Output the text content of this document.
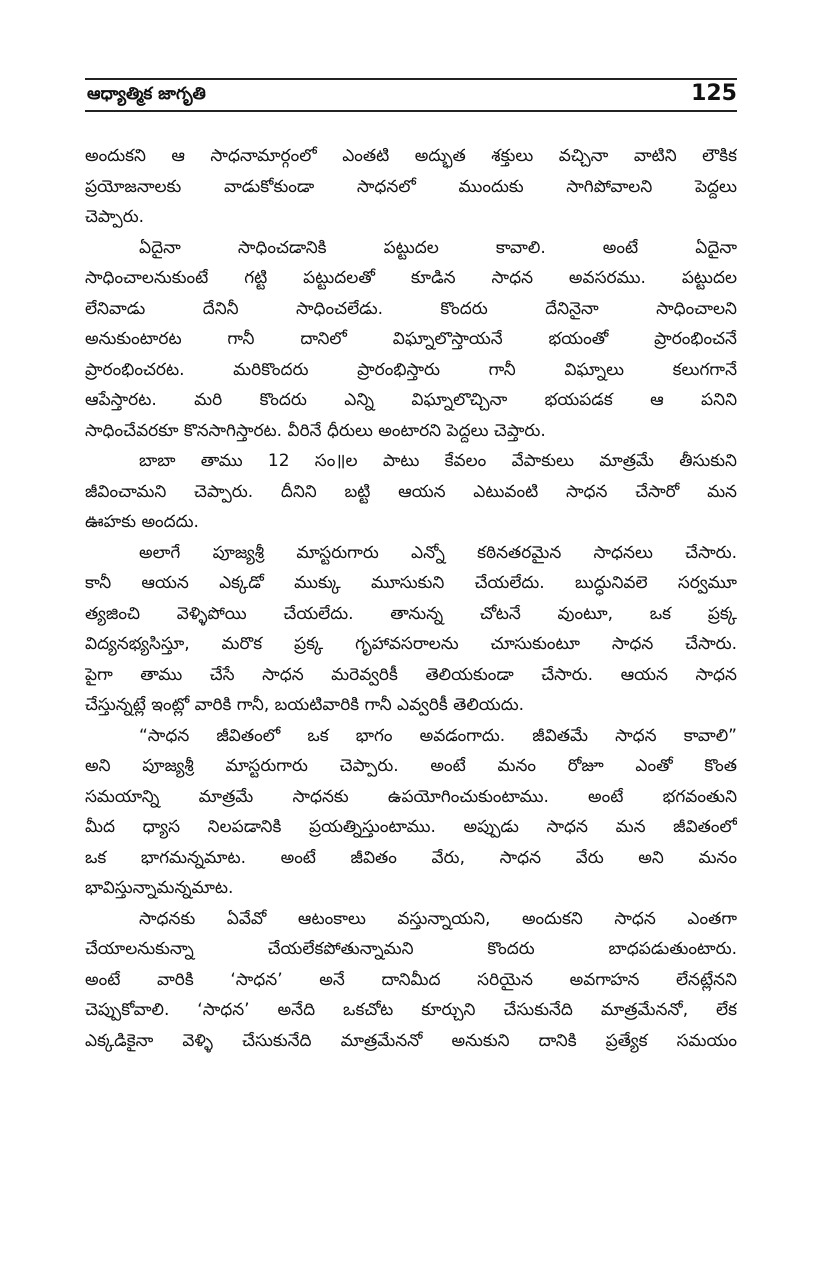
ఆధ్యాత్మిక జాగృతి	125
అందుకని ఆ సాధనామార్గంలో ఎంతటి అద్భుత శక్తులు వచ్చినా వాటిని లౌకిక
ప్రయోజనాలకు వాడుకోకుండా సాధనలో ముందుకు సాగిపోవాలని పెద్దలు
చెప్పారు.
ఏదైనా సాధించడానికి పట్టుదల కావాలి. అంటే ఏదైనా
సాధించాలనుకుంటే గట్టి పట్టుదలతో కూడిన సాధన అవసరము. పట్టుదల
లేనివాడు దేనినీ సాధించలేడు. కొందరు దేనినైనా సాధించాలని
అనుకుంటారట గానీ దానిలో విఘ్నాలొస్తాయనే భయంతో ప్రారంభించనే
ప్రారంభించరట. మరికొందరు ప్రారంభిస్తారు గానీ విఘ్నాలు కలుగగానే
ఆపేస్తారట. మరి కొందరు ఎన్ని విఘ్నాలొచ్చినా భయపడక ఆ పనిని
సాధించేవరకూ కొనసాగిస్తారట. వీరినే ధీరులు అంటారని పెద్దలు చెప్తారు.
బాబా తాము 12 సం॥ల పాటు కేవలం వేపాకులు మాత్రమే తీసుకుని
జీవించామని చెప్పారు. దీనిని బట్టి ఆయన ఎటువంటి సాధన చేసారో మన
ఊహకు అందదు.
అలాగే పూజ్యశ్రీ మాస్టరుగారు ఎన్నో కఠినతరమైన సాధనలు చేసారు.
కానీ ఆయన ఎక్కడో ముక్కు మూసుకుని చేయలేదు. బుద్ధునివలె సర్వమూ
త్యజించి వెళ్ళిపోయి చేయలేదు. తానున్న చోటనే వుంటూ, ఒక ప్రక్క
విద్యనభ్యసిస్తూ, మరొక ప్రక్క గృహావసరాలను చూసుకుంటూ సాధన చేసారు.
పైగా తాము చేసే సాధన మరెవ్వరికీ తెలియకుండా చేసారు. ఆయన సాధన
చేస్తున్నట్లే ఇంట్లో వారికి గానీ, బయటివారికి గానీ ఎవ్వరికీ తెలియదు.
“సాధన జీవితంలో ఒక భాగం అవడంగాదు. జీవితమే సాధన కావాలి”
అని పూజ్యశ్రీ మాస్టరుగారు చెప్పారు. అంటే మనం రోజూ ఎంతో కొంత
సమయాన్ని మాత్రమే సాధనకు ఉపయోగించుకుంటాము. అంటే భగవంతుని
మీద ధ్యాస నిలపడానికి ప్రయత్నిస్తుంటాము. అప్పుడు సాధన మన జీవితంలో
ఒక భాగమన్నమాట. అంటే జీవితం వేరు, సాధన వేరు అని మనం
భావిస్తున్నామన్నమాట.
సాధనకు ఏవేవో ఆటంకాలు వస్తున్నాయని, అందుకని సాధన ఎంతగా
చేయాలనుకున్నా చేయలేకపోతున్నామని కొందరు బాధపడుతుంటారు.
అంటే వారికి ‘సాధన’ అనే దానిమీద సరియైన అవగాహన లేనట్లేనని
చెప్పుకోవాలి. ‘సాధన’ అనేది ఒకచోట కూర్చుని చేసుకునేది మాత్రమేననో, లేక
ఎక్కడికైనా వెళ్ళి చేసుకునేది మాత్రమేననో అనుకుని దానికి ప్రత్యేక సమయం
